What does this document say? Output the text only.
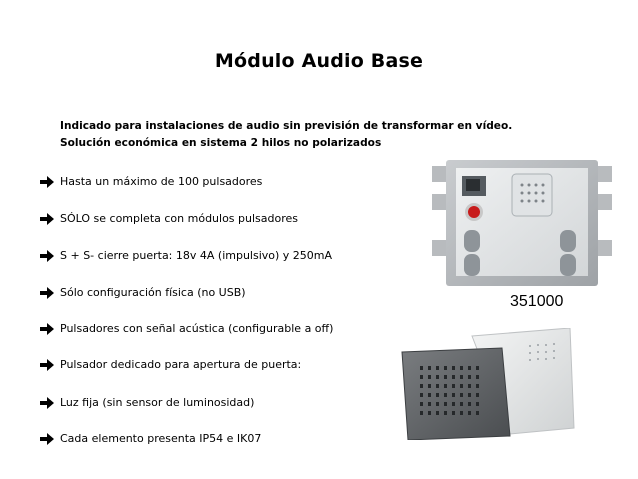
Módulo Audio Base
Indicado para instalaciones de audio sin previsión de transformar en vídeo.
Solución económica en sistema 2 hilos no polarizados
Hasta un máximo de 100 pulsadores
SÓLO se completa con módulos pulsadores
S + S- cierre puerta: 18v 4A (impulsivo) y 250mA
Sólo configuración física (no USB)
Pulsadores con señal acústica (configurable a off)
Pulsador dedicado para apertura de puerta:
Luz fija (sin sensor de luminosidad)
Cada elemento presenta IP54 e IK07
351000
